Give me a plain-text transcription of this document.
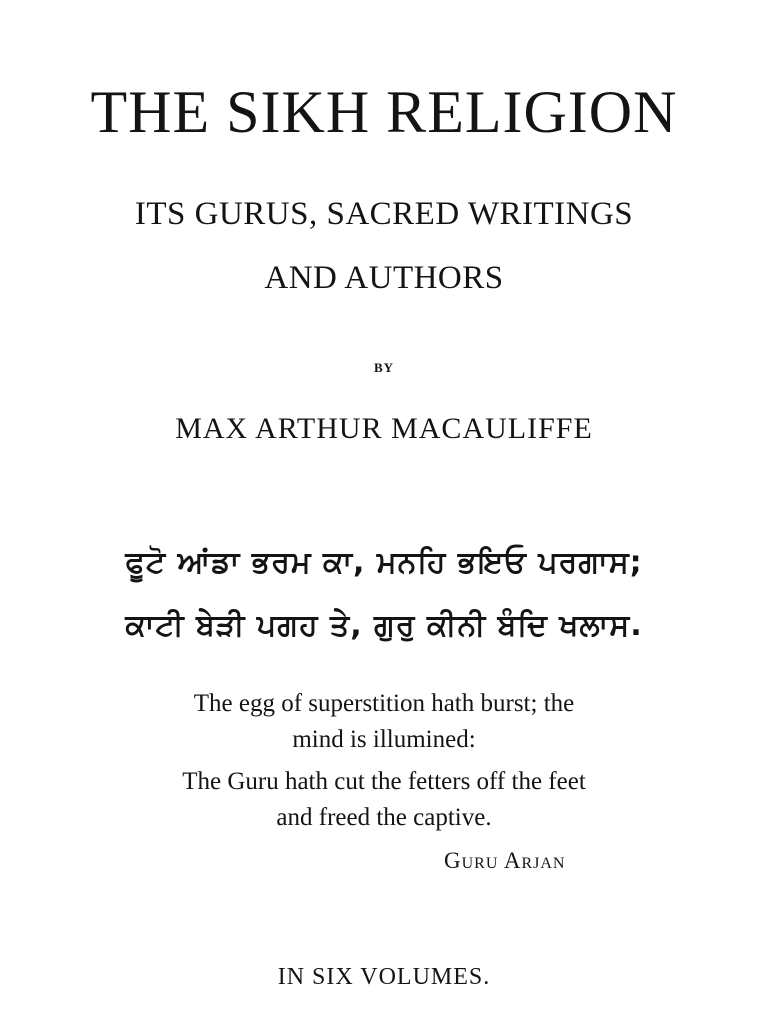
THE SIKH RELIGION
ITS GURUS, SACRED WRITINGS
AND AUTHORS
BY
MAX ARTHUR MACAULIFFE
ਫੂਟੋ ਆਂਡਾ ਭਰਮ ਕਾ, ਮਨਹਿ ਭਇਓ ਪਰਗਾਸ;
ਕਾਟੀ ਬੇੜੀ ਪਗਹ ਤੇ, ਗੁਰੁ ਕੀਨੀ ਬੰਦਿ ਖਲਾਸ.
The egg of superstition hath burst; the
mind is illumined:
The Guru hath cut the fetters off the feet
and freed the captive.
Guru Arjan
IN SIX VOLUMES.
